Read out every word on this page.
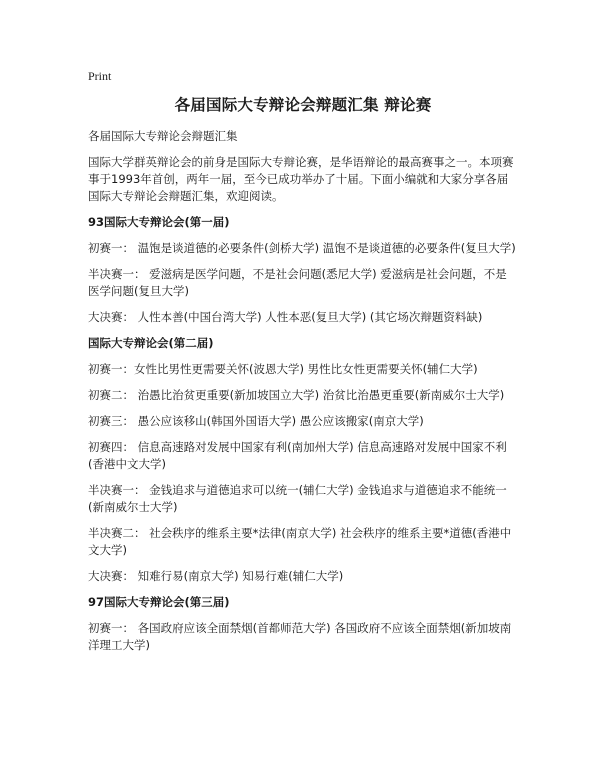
Print
各届国际大专辩论会辩题汇集 辩论赛
各届国际大专辩论会辩题汇集
国际大学群英辩论会的前身是国际大专辩论赛，是华语辩论的最高赛事之一。本项赛事于1993年首创，两年一届，至今已成功举办了十届。下面小编就和大家分享各届国际大专辩论会辩题汇集，欢迎阅读。
93国际大专辩论会(第一届)
初赛一： 温饱是谈道德的必要条件(剑桥大学) 温饱不是谈道德的必要条件(复旦大学)
半决赛一： 爱滋病是医学问题，不是社会问题(悉尼大学) 爱滋病是社会问题，不是医学问题(复旦大学)
大决赛： 人性本善(中国台湾大学) 人性本恶(复旦大学) (其它场次辩题资料缺)
国际大专辩论会(第二届)
初赛一：女性比男性更需要关怀(波恩大学) 男性比女性更需要关怀(辅仁大学)
初赛二： 治愚比治贫更重要(新加坡国立大学) 治贫比治愚更重要(新南威尔士大学)
初赛三： 愚公应该移山(韩国外国语大学) 愚公应该搬家(南京大学)
初赛四： 信息高速路对发展中国家有利(南加州大学) 信息高速路对发展中国家不利(香港中文大学)
半决赛一： 金钱追求与道德追求可以统一(辅仁大学) 金钱追求与道德追求不能统一(新南威尔士大学)
半决赛二： 社会秩序的维系主要*法律(南京大学) 社会秩序的维系主要*道德(香港中文大学)
大决赛： 知难行易(南京大学) 知易行难(辅仁大学)
97国际大专辩论会(第三届)
初赛一： 各国政府应该全面禁烟(首都师范大学) 各国政府不应该全面禁烟(新加坡南洋理工大学)
